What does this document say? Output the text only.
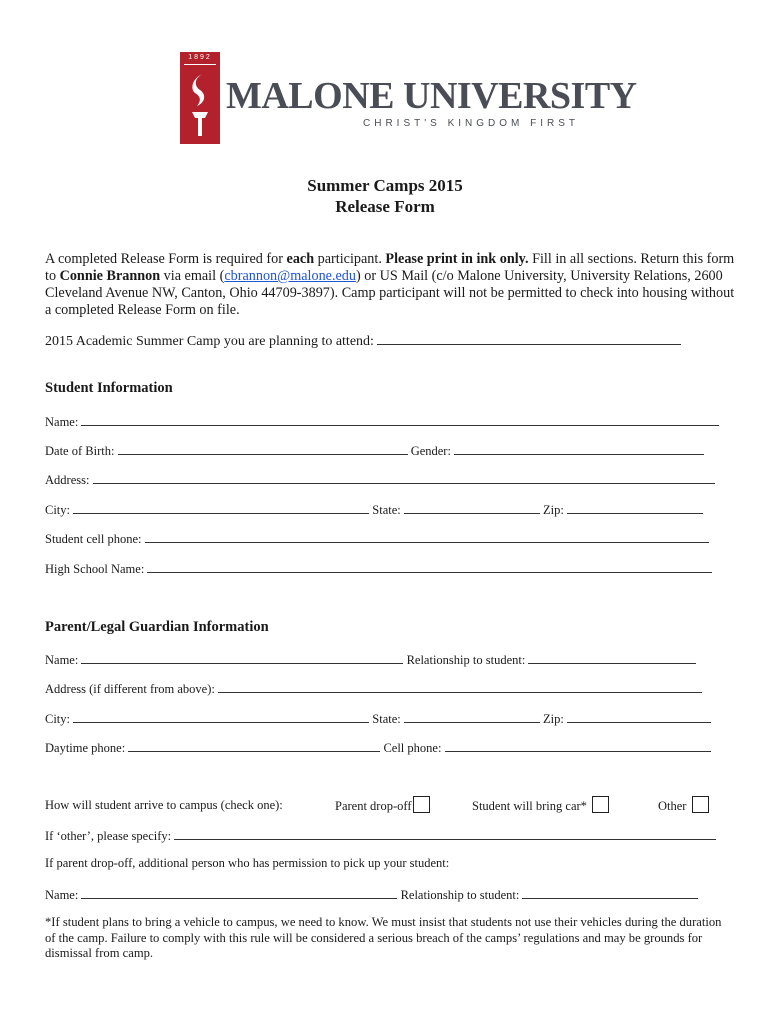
1892
MALONE UNIVERSITY
CHRIST'S KINGDOM FIRST
Summer Camps 2015
Release Form
A completed Release Form is required for each participant. Please print in ink only. Fill in all sections. Return this form to Connie Brannon via email (cbrannon@malone.edu) or US Mail (c/o Malone University, University Relations, 2600 Cleveland Avenue NW, Canton, Ohio 44709-3897). Camp participant will not be permitted to check into housing without a completed Release Form on file.
2015 Academic Summer Camp you are planning to attend:
Student Information
Name:
Date of Birth:	Gender:
Address:
City:	State:	Zip:
Student cell phone:
High School Name:
Parent/Legal Guardian Information
Name:	Relationship to student:
Address (if different from above):
City:	State:	Zip:
Daytime phone:	Cell phone:
How will student arrive to campus (check one):	Parent drop-off	Student will bring car*	Other
If ‘other’, please specify:
If parent drop-off, additional person who has permission to pick up your student:
Name:	Relationship to student:
*If student plans to bring a vehicle to campus, we need to know. We must insist that students not use their vehicles during the duration of the camp. Failure to comply with this rule will be considered a serious breach of the camps’ regulations and may be grounds for dismissal from camp.
